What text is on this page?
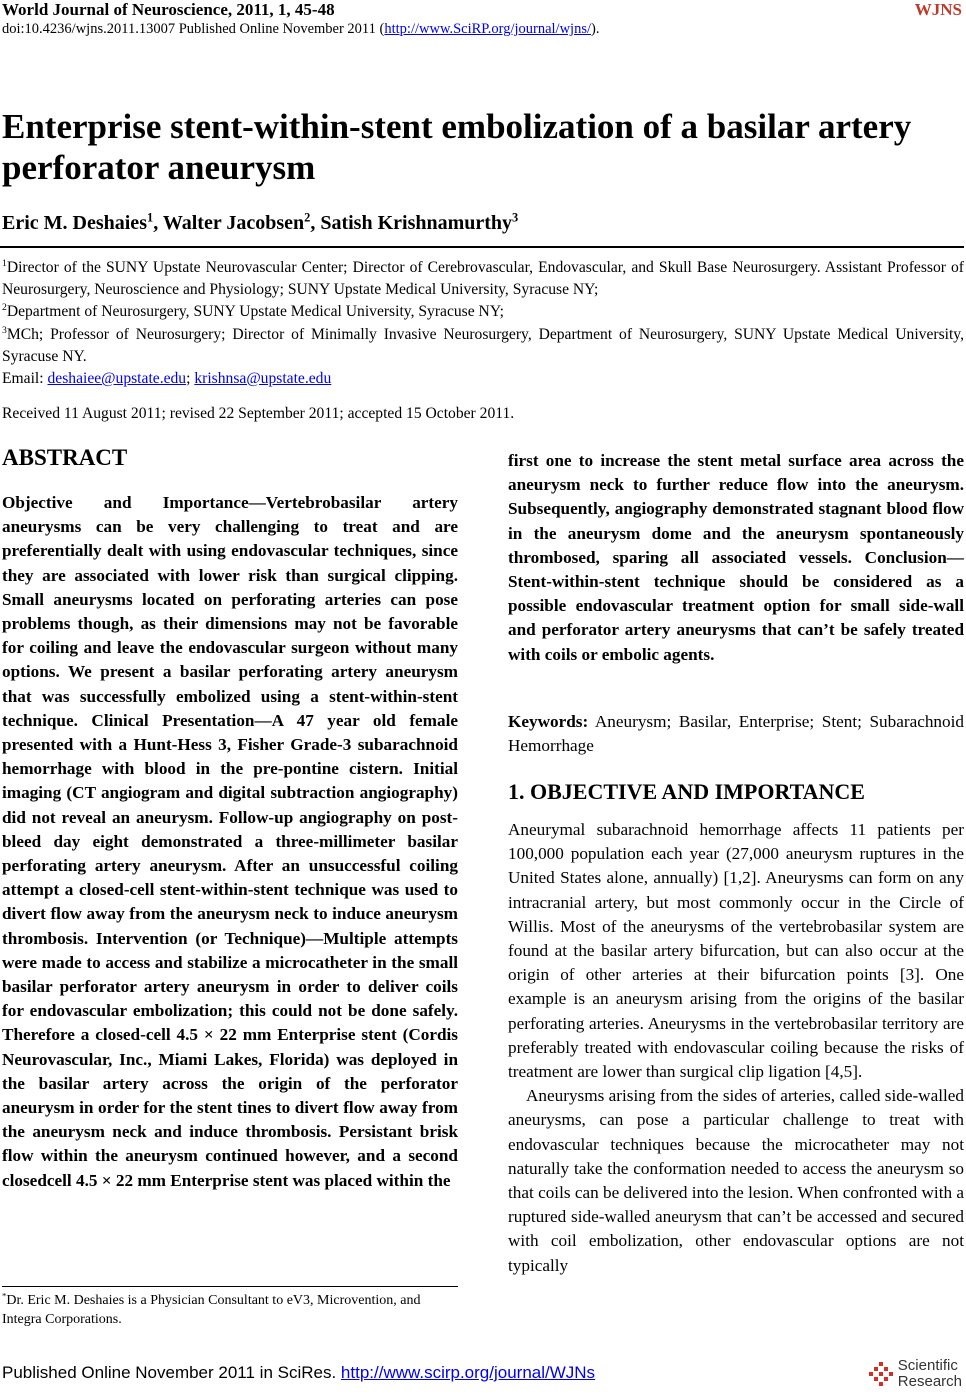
World Journal of Neuroscience, 2011, 1, 45-48	WJNS
doi:10.4236/wjns.2011.13007 Published Online November 2011 (http://www.SciRP.org/journal/wjns/).
Enterprise stent-within-stent embolization of a basilar artery perforator aneurysm
Eric M. Deshaies$^1$, Walter Jacobsen$^2$, Satish Krishnamurthy$^3$

$^1$Director of the SUNY Upstate Neurovascular Center; Director of Cerebrovascular, Endovascular, and Skull Base Neurosurgery. Assistant Professor of Neurosurgery, Neuroscience and Physiology; SUNY Upstate Medical University, Syracuse NY;

$^2$Department of Neurosurgery, SUNY Upstate Medical University, Syracuse NY;

$^3$MCh; Professor of Neurosurgery; Director of Minimally Invasive Neurosurgery, Department of Neurosurgery, SUNY Upstate Medical University, Syracuse NY.

Email: deshaiee@upstate.edu; krishnsa@upstate.edu

Received 11 August 2011; revised 22 September 2011; accepted 15 October 2011.
ABSTRACT
Objective and Importance—Vertebrobasilar artery aneurysms can be very challenging to treat and are preferentially dealt with using endovascular techniques, since they are associated with lower risk than surgical clipping. Small aneurysms located on perforating arteries can pose problems though, as their dimensions may not be favorable for coiling and leave the endovascular surgeon without many options. We present a basilar perforating artery aneurysm that was successfully embolized using a stent-within-stent technique. Clinical Presentation—A 47 year old female presented with a Hunt-Hess 3, Fisher Grade-3 subarachnoid hemorrhage with blood in the pre-pontine cistern. Initial imaging (CT angiogram and digital subtraction angiography) did not reveal an aneurysm. Follow-up angiography on post-bleed day eight demonstrated a three-millimeter basilar perforating artery aneurysm. After an unsuccessful coiling attempt a closed-cell stent-within-stent technique was used to divert flow away from the aneurysm neck to induce aneurysm thrombosis. Intervention (or Technique)—Multiple attempts were made to access and stabilize a microcatheter in the small basilar perforator artery aneurysm in order to deliver coils for endovascular embolization; this could not be done safely. Therefore a closed-cell 4.5 × 22 mm Enterprise stent (Cordis Neurovascular, Inc., Miami Lakes, Florida) was deployed in the basilar artery across the origin of the perforator aneurysm in order for the stent tines to divert flow away from the aneurysm neck and induce thrombosis. Persistant brisk flow within the aneurysm continued however, and a second closedcell 4.5 × 22 mm Enterprise stent was placed within the
*Dr. Eric M. Deshaies is a Physician Consultant to eV3, Microvention, and Integra Corporations.
first one to increase the stent metal surface area across the aneurysm neck to further reduce flow into the aneurysm. Subsequently, angiography demonstrated stagnant blood flow in the aneurysm dome and the aneurysm spontaneously thrombosed, sparing all associated vessels. Conclusion—Stent-within-stent technique should be considered as a possible endovascular treatment option for small side-wall and perforator artery aneurysms that can’t be safely treated with coils or embolic agents.
Keywords: Aneurysm; Basilar, Enterprise; Stent; Subarachnoid Hemorrhage
1. OBJECTIVE AND IMPORTANCE

Aneurymal subarachnoid hemorrhage affects 11 patients per 100,000 population each year (27,000 aneurysm ruptures in the United States alone, annually) [1,2]. Aneurysms can form on any intracranial artery, but most commonly occur in the Circle of Willis. Most of the aneurysms of the vertebrobasilar system are found at the basilar artery bifurcation, but can also occur at the origin of other arteries at their bifurcation points [3]. One example is an aneurysm arising from the origins of the basilar perforating arteries. Aneurysms in the vertebrobasilar territory are preferably treated with endovascular coiling because the risks of treatment are lower than surgical clip ligation [4,5].

Aneurysms arising from the sides of arteries, called side-walled aneurysms, can pose a particular challenge to treat with endovascular techniques because the microcatheter may not naturally take the conformation needed to access the aneurysm so that coils can be delivered into the lesion. When confronted with a ruptured side-walled aneurysm that can’t be accessed and secured with coil embolization, other endovascular options are not typically

Published Online November 2011 in SciRes. http://www.scirp.org/journal/WJNs	Scientific
Research
